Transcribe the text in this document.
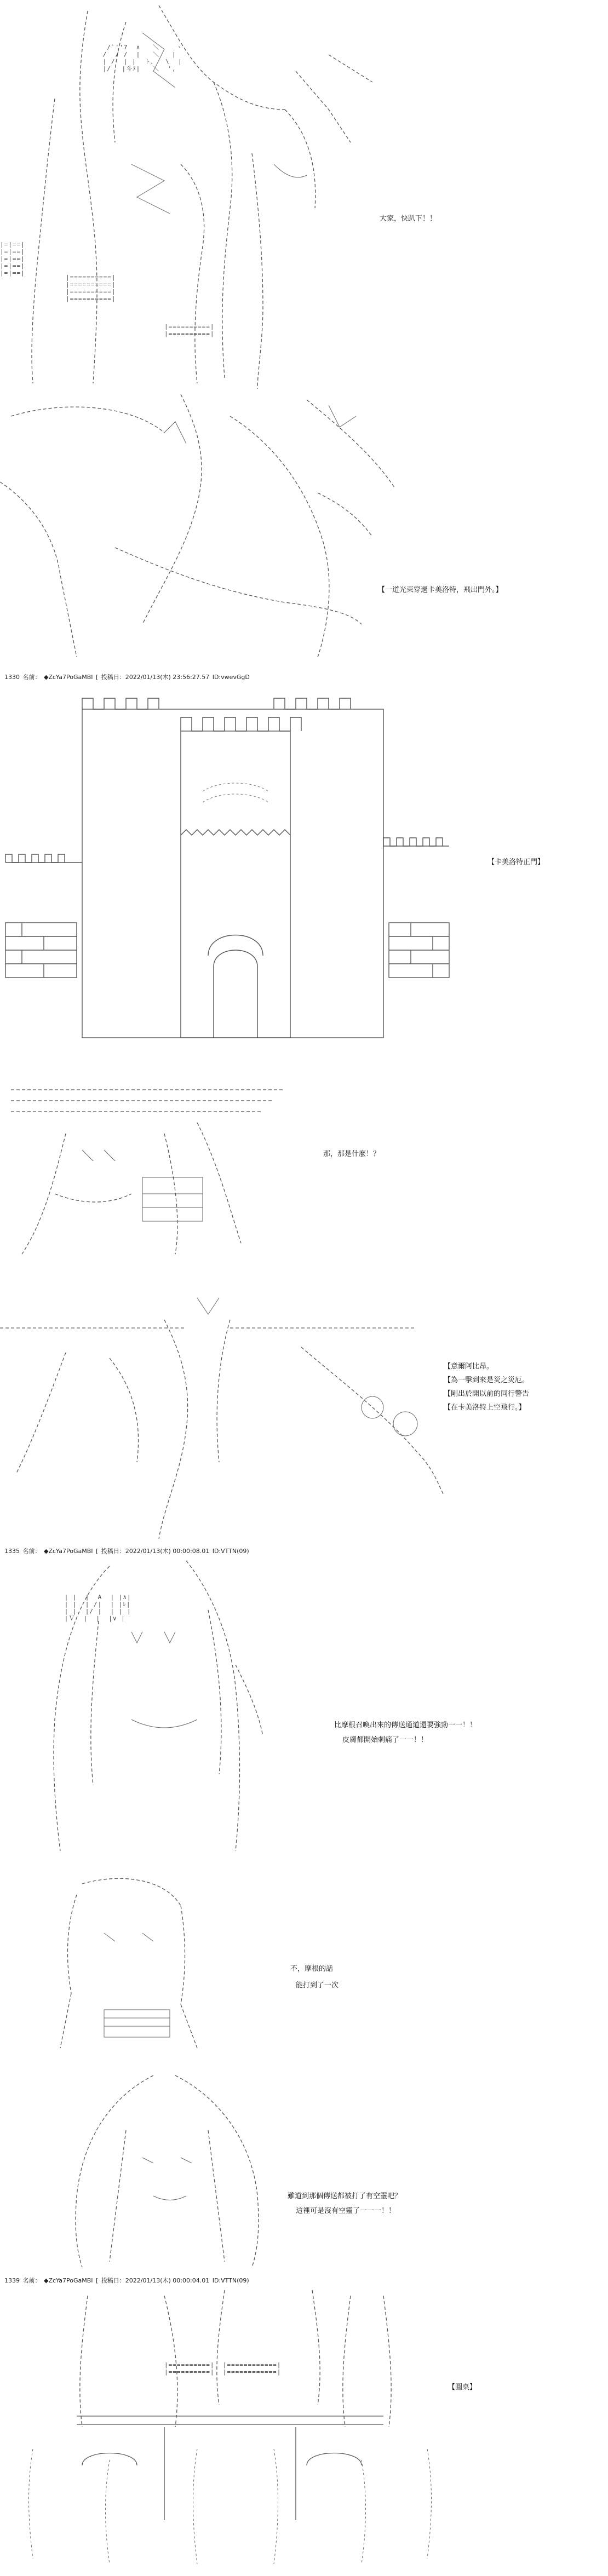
/`''7  ∧   ＼    ヽ
/  / /  |   ＼   |
| /  | |  ト、  \  |
|/ 　|斗ﾒ|   ＼  ',
|=|==|
|=|==|
|=|==|
|=|==|
|=|==|
|==========|
|==========|
|==========|
|==========|
|==========|
|==========|
大家，快趴下！！
【一道光束穿過卡美洛特，飛出門外。】
1330 名前： ◆ZcYa7PoGaMBI [ 投稿日：2022/01/13(木) 23:56:27.57 ID:vwevGgD
【卡美洛特正門】
那，那是什麼！？
【意爾阿比昂。
【為一擊到來是災之災厄。
【剛出於開以前的同行警告
【在卡美洛特上空飛行。】
1335 名前： ◆ZcYa7PoGaMBI [ 投稿日：2022/01/13(木) 00:00:08.01 ID:VTTN(09)
| |  |  A  | |∧|
| |  | /|  | |ﾚ|
| |  |/ |  | | |
|Ｖ  |  |  |∨ |
比摩根召喚出來的傳送通道還要強勁一一！！
皮膚都開始刺痛了一一！！
不，摩根的話
能打到了一次
難道到那個傳送都被打了有空靈吧？
這裡可是沒有空靈了一一一！！
1339 名前： ◆ZcYa7PoGaMBI [ 投稿日：2022/01/13(木) 00:00:04.01 ID:VTTN(09)
|==========|  |============|
|==========|  |============|
【圓桌】
